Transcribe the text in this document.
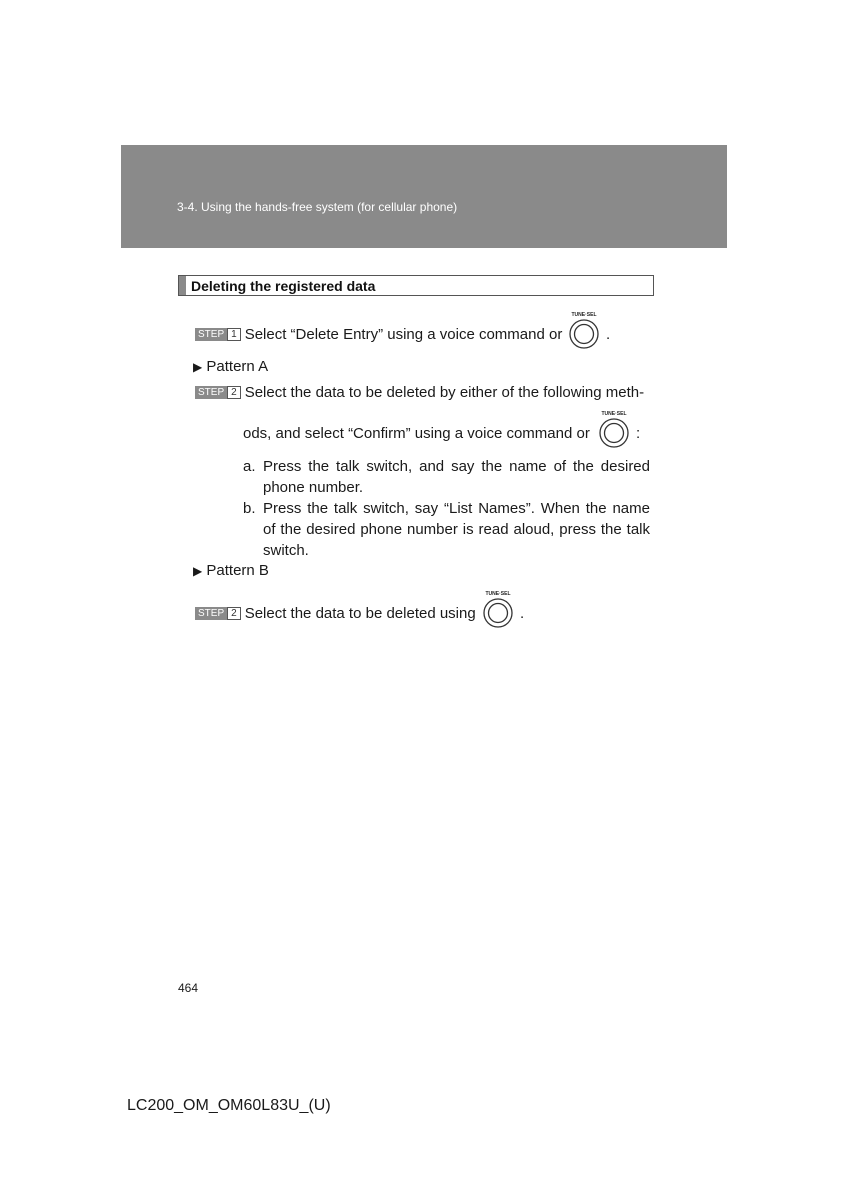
3-4. Using the hands-free system (for cellular phone)
Deleting the registered data
STEP 1 Select “Delete Entry” using a voice command or
TUNE·SEL
.
▶ Pattern A
STEP 2 Select the data to be deleted by either of the following meth-
ods, and select “Confirm” using a voice command or
TUNE·SEL
:
a. Press the talk switch, and say the name of the desired phone number.
b. Press the talk switch, say “List Names”. When the name of the desired phone number is read aloud, press the talk switch.
▶ Pattern B
STEP 2 Select the data to be deleted using
TUNE·SEL
.
464
LC200_OM_OM60L83U_(U)
